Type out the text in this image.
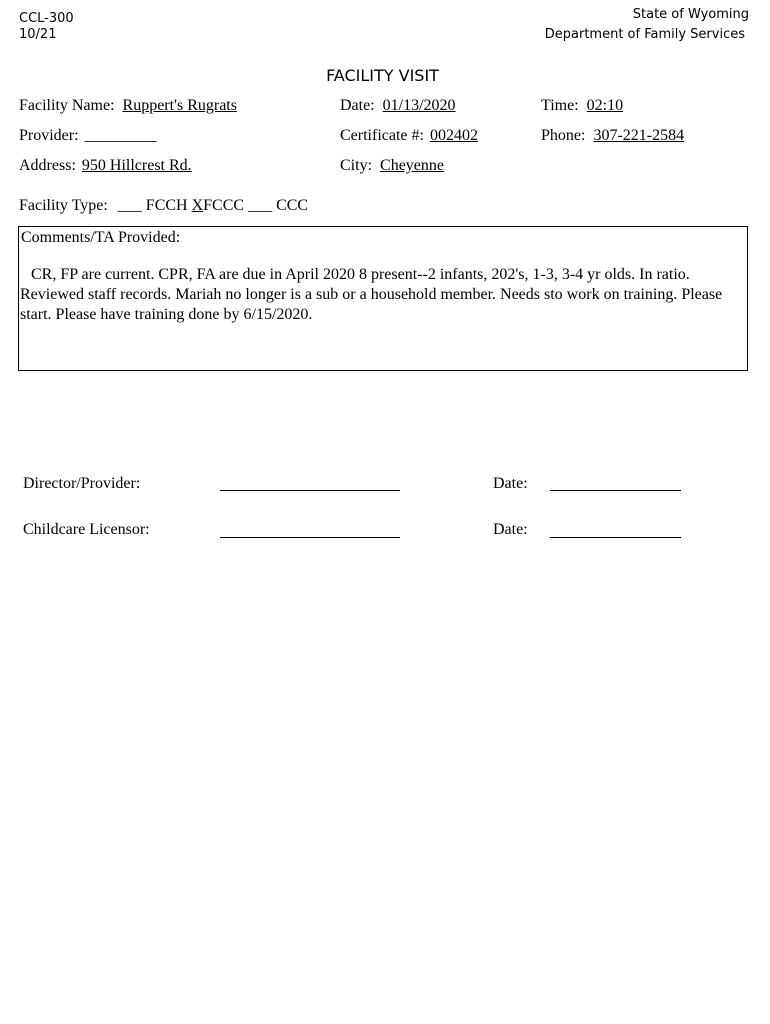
CCL-300
10/21
State of Wyoming
Department of Family Services
FACILITY VISIT
Facility Name: Ruppert's Rugrats	Date: 01/13/2020	Time: 02:10
Provider: _________	Certificate #: 002402	Phone: 307-221-2584
Address: 950 Hillcrest Rd.	City: Cheyenne
Facility Type: ___ FCCH XFCCC ___ CCC
Comments/TA Provided:
CR, FP are current. CPR, FA are due in April 2020 8 present--2 infants, 202's, 1-3, 3-4 yr olds. In ratio. Reviewed staff records. Mariah no longer is a sub or a household member. Needs sto work on training. Please start. Please have training done by 6/15/2020.
Director/Provider:	Date:
Childcare Licensor:	Date:
